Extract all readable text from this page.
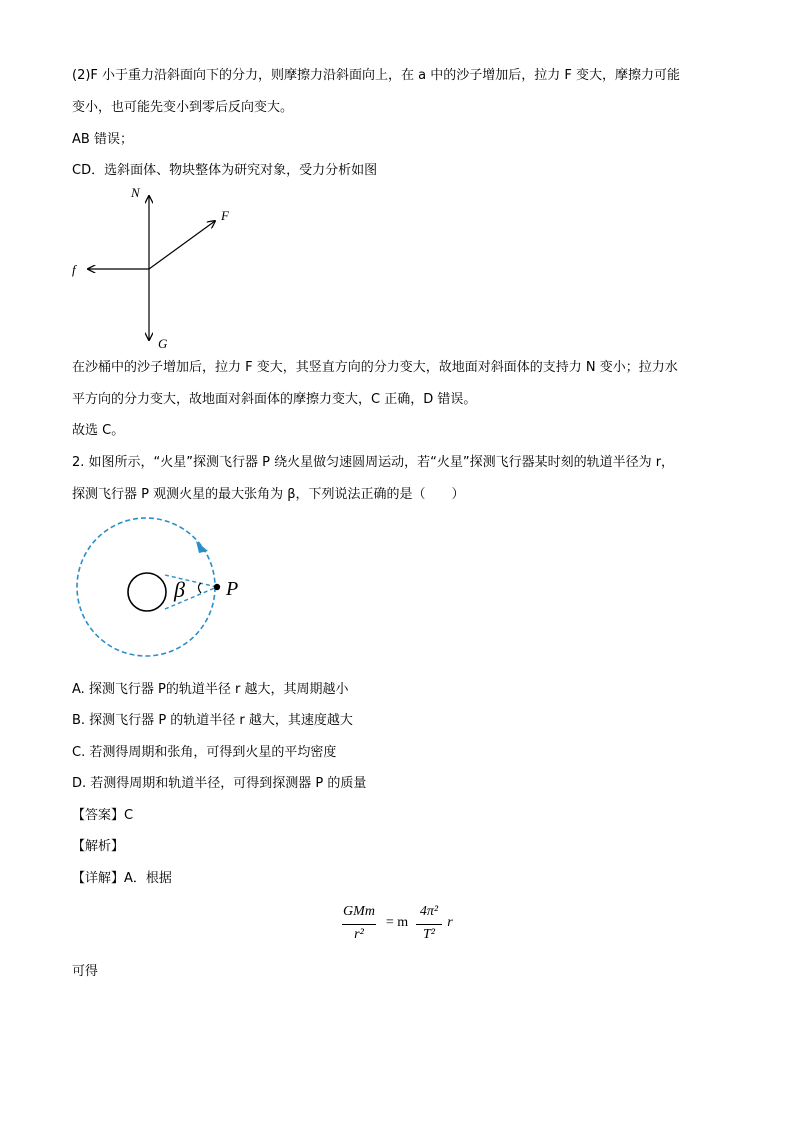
(2)F 小于重力沿斜面向下的分力，则摩擦力沿斜面向上，在 a 中的沙子增加后，拉力 F 变大，摩擦力可能
变小，也可能先变小到零后反向变大。
AB 错误；
CD．选斜面体、物块整体为研究对象，受力分析如图
N
F
f
G
β P
在沙桶中的沙子增加后，拉力 F 变大，其竖直方向的分力变大，故地面对斜面体的支持力 N 变小；拉力水
平方向的分力变大，故地面对斜面体的摩擦力变大，C 正确，D 错误。
故选 C。
2. 如图所示，“火星”探测飞行器 P 绕火星做匀速圆周运动，若“火星”探测飞行器某时刻的轨道半径为 r，
探测飞行器 P 观测火星的最大张角为 β，下列说法正确的是（　　）
A. 探测飞行器 P的轨道半径 r 越大，其周期越小
B. 探测飞行器 P 的轨道半径 r 越大，其速度越大
C. 若测得周期和张角，可得到火星的平均密度
D. 若测得周期和轨道半径，可得到探测器 P 的质量
【答案】C
【解析】
【详解】A．根据
GMm
r²
= m
4π²
T²
r
可得
